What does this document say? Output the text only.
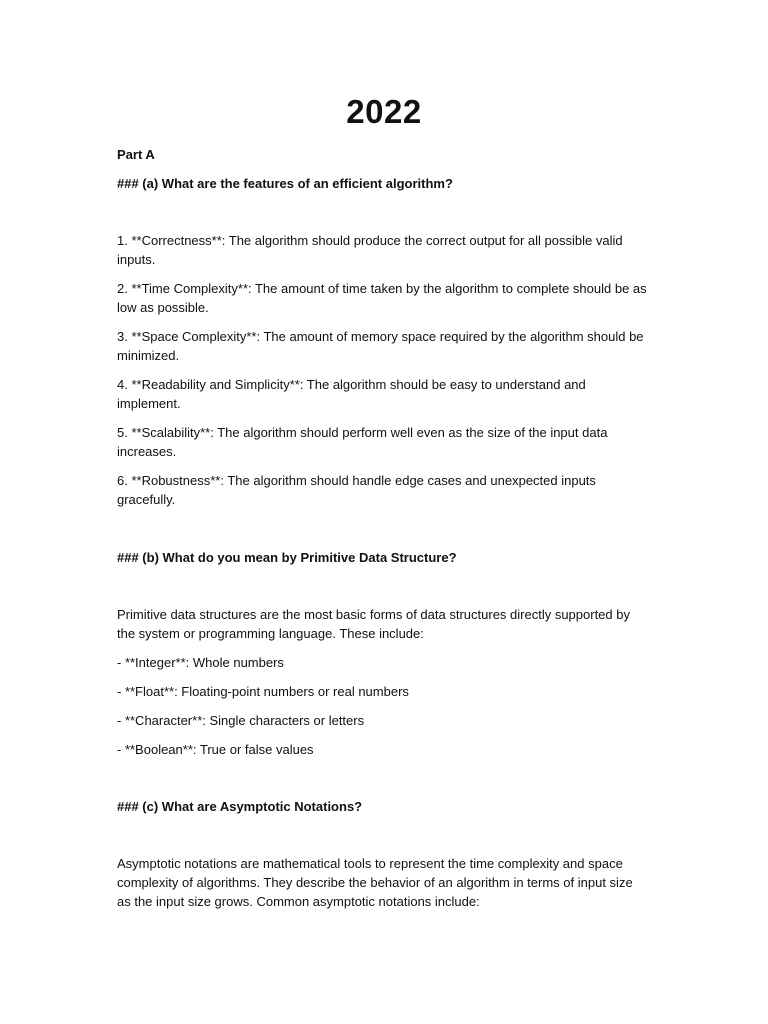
2022

Part A

### (a) What are the features of an efficient algorithm?

1. **Correctness**: The algorithm should produce the correct output for all possible valid inputs.

2. **Time Complexity**: The amount of time taken by the algorithm to complete should be as low as possible.

3. **Space Complexity**: The amount of memory space required by the algorithm should be minimized.

4. **Readability and Simplicity**: The algorithm should be easy to understand and implement.

5. **Scalability**: The algorithm should perform well even as the size of the input data increases.

6. **Robustness**: The algorithm should handle edge cases and unexpected inputs gracefully.

### (b) What do you mean by Primitive Data Structure?

Primitive data structures are the most basic forms of data structures directly supported by the system or programming language. These include:

- **Integer**: Whole numbers

- **Float**: Floating-point numbers or real numbers

- **Character**: Single characters or letters

- **Boolean**: True or false values

### (c) What are Asymptotic Notations?

Asymptotic notations are mathematical tools to represent the time complexity and space complexity of algorithms. They describe the behavior of an algorithm in terms of input size as the input size grows. Common asymptotic notations include:
